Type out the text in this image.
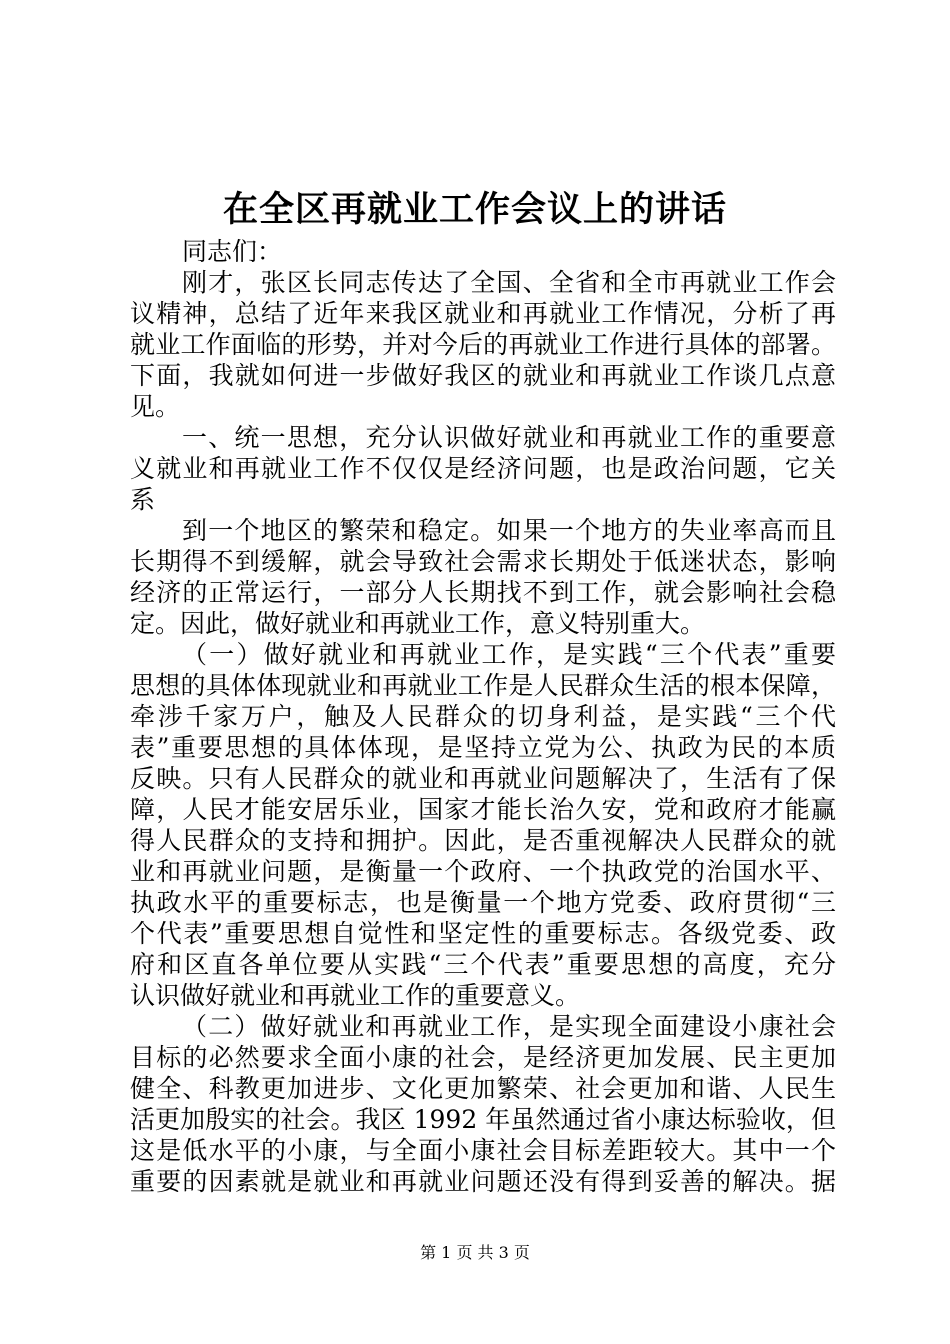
在全区再就业工作会议上的讲话
同志们：
刚才，张区长同志传达了全国、全省和全市再就业工作会
议精神，总结了近年来我区就业和再就业工作情况，分析了再
就业工作面临的形势，并对今后的再就业工作进行具体的部署。
下面，我就如何进一步做好我区的就业和再就业工作谈几点意
见。
一、统一思想，充分认识做好就业和再就业工作的重要意
义就业和再就业工作不仅仅是经济问题，也是政治问题，它关
系
到一个地区的繁荣和稳定。如果一个地方的失业率高而且
长期得不到缓解，就会导致社会需求长期处于低迷状态，影响
经济的正常运行，一部分人长期找不到工作，就会影响社会稳
定。因此，做好就业和再就业工作，意义特别重大。
（一）做好就业和再就业工作，是实践“三个代表”重要
思想的具体体现就业和再就业工作是人民群众生活的根本保障，
牵涉千家万户，触及人民群众的切身利益，是实践“三个代
表”重要思想的具体体现，是坚持立党为公、执政为民的本质
反映。只有人民群众的就业和再就业问题解决了，生活有了保
障，人民才能安居乐业，国家才能长治久安，党和政府才能赢
得人民群众的支持和拥护。因此，是否重视解决人民群众的就
业和再就业问题，是衡量一个政府、一个执政党的治国水平、
执政水平的重要标志，也是衡量一个地方党委、政府贯彻“三
个代表”重要思想自觉性和坚定性的重要标志。各级党委、政
府和区直各单位要从实践“三个代表”重要思想的高度，充分
认识做好就业和再就业工作的重要意义。
（二）做好就业和再就业工作，是实现全面建设小康社会
目标的必然要求全面小康的社会，是经济更加发展、民主更加
健全、科教更加进步、文化更加繁荣、社会更加和谐、人民生
活更加殷实的社会。我区 1992 年虽然通过省小康达标验收，但
这是低水平的小康，与全面小康社会目标差距较大。其中一个
重要的因素就是就业和再就业问题还没有得到妥善的解决。据
第 1 页 共 3 页
